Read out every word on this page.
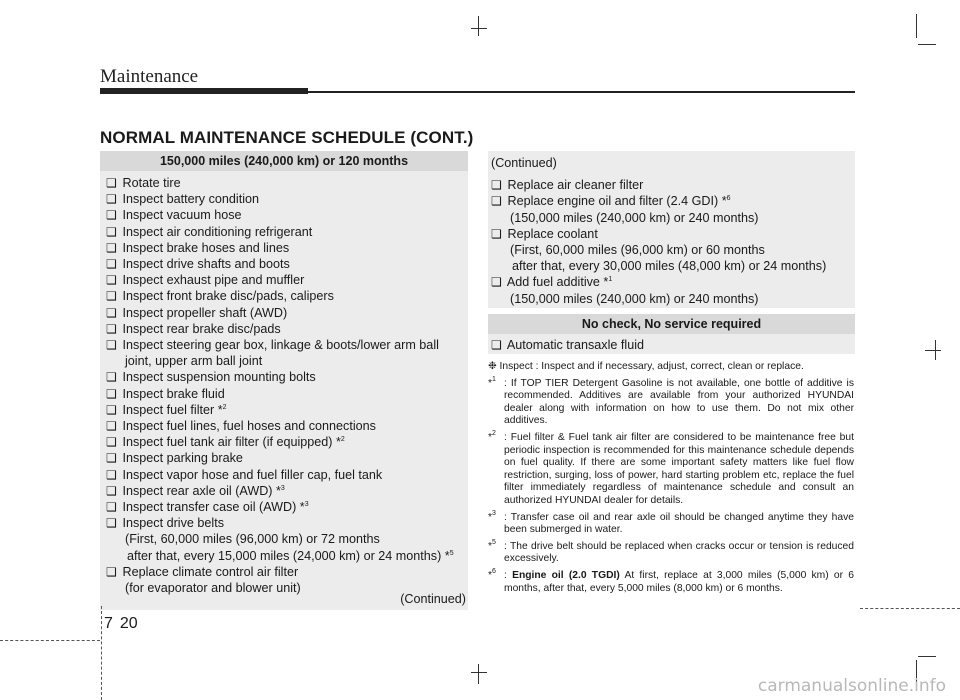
Maintenance
NORMAL MAINTENANCE SCHEDULE (CONT.)
150,000 miles (240,000 km) or 120 months
❑ Rotate tire
❑ Inspect battery condition
❑ Inspect vacuum hose
❑ Inspect air conditioning refrigerant
❑ Inspect brake hoses and lines
❑ Inspect drive shafts and boots
❑ Inspect exhaust pipe and muffler
❑ Inspect front brake disc/pads, calipers
❑ Inspect propeller shaft (AWD)
❑ Inspect rear brake disc/pads
❑ Inspect steering gear box, linkage & boots/lower arm ball
joint, upper arm ball joint
❑ Inspect suspension mounting bolts
❑ Inspect brake fluid
❑ Inspect fuel filter *$^2$
❑ Inspect fuel lines, fuel hoses and connections
❑ Inspect fuel tank air filter (if equipped) *$^2$
❑ Inspect parking brake
❑ Inspect vapor hose and fuel filler cap, fuel tank
❑ Inspect rear axle oil (AWD) *$^3$
❑ Inspect transfer case oil (AWD) *$^3$
❑ Inspect drive belts
(First, 60,000 miles (96,000 km) or 72 months
after that, every 15,000 miles (24,000 km) or 24 months) *$^5$
❑ Replace climate control air filter
(for evaporator and blower unit)
(Continued)
(Continued)
❑ Replace air cleaner filter
❑ Replace engine oil and filter (2.4 GDI) *$^6$
(150,000 miles (240,000 km) or 240 months)
❑ Replace coolant
(First, 60,000 miles (96,000 km) or 60 months
after that, every 30,000 miles (48,000 km) or 24 months)
❑ Add fuel additive *$^1$
(150,000 miles (240,000 km) or 240 months)
No check, No service required
❑ Automatic transaxle fluid
❉ Inspect : Inspect and if necessary, adjust, correct, clean or replace.
*$^1$ : If TOP TIER Detergent Gasoline is not available, one bottle of additive is recommended. Additives are available from your authorized HYUNDAI dealer along with information on how to use them. Do not mix other additives.
*$^2$ : Fuel filter & Fuel tank air filter are considered to be maintenance free but periodic inspection is recommended for this maintenance schedule depends on fuel quality. If there are some important safety matters like fuel flow restriction, surging, loss of power, hard starting problem etc, replace the fuel filter immediately regardless of maintenance schedule and consult an authorized HYUNDAI dealer for details.
*$^3$ : Transfer case oil and rear axle oil should be changed anytime they have been submerged in water.
*$^5$ : The drive belt should be replaced when cracks occur or tension is reduced excessively.
*$^6$ : Engine oil (2.0 TGDI) At first, replace at 3,000 miles (5,000 km) or 6 months, after that, every 5,000 miles (8,000 km) or 6 months.
7 20
carmanualsonline.info
